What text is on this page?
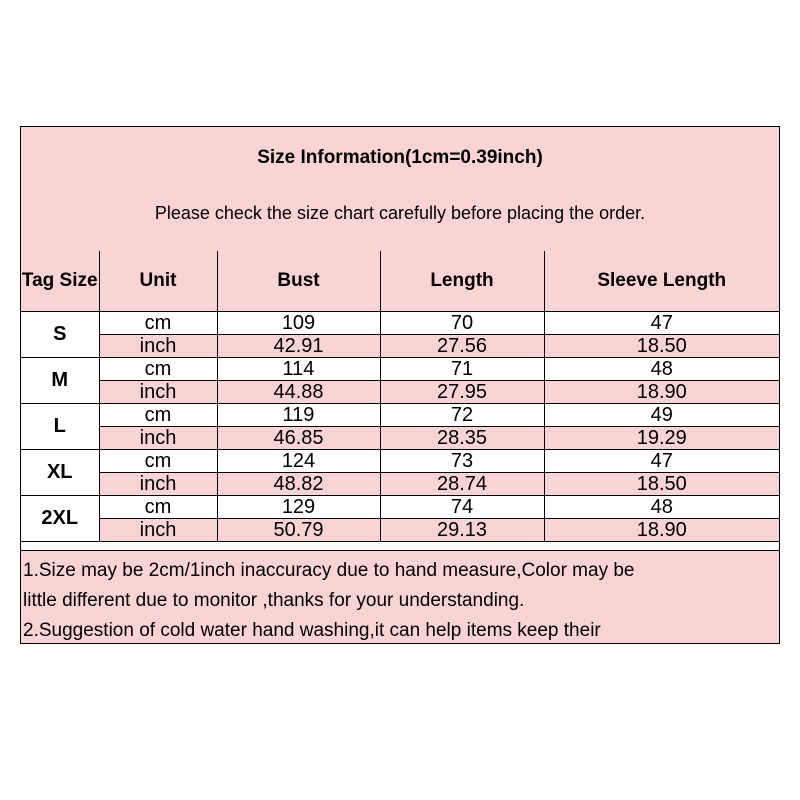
Size Information(1cm=0.39inch)
Please check the size chart carefully before placing the order.
Tag Size	Unit	Bust	Length	Sleeve Length
S	cm	109	70	47
	inch	42.91	27.56	18.50
M	cm	114	71	48
	inch	44.88	27.95	18.90
L	cm	119	72	49
	inch	46.85	28.35	19.29
XL	cm	124	73	47
	inch	48.82	28.74	18.50
2XL	cm	129	74	48
	inch	50.79	29.13	18.90

1.Size may be 2cm/1inch inaccuracy due to hand measure,Color may be

little different due to monitor ,thanks for your understanding.

2.Suggestion of cold water hand washing,it can help items keep their
